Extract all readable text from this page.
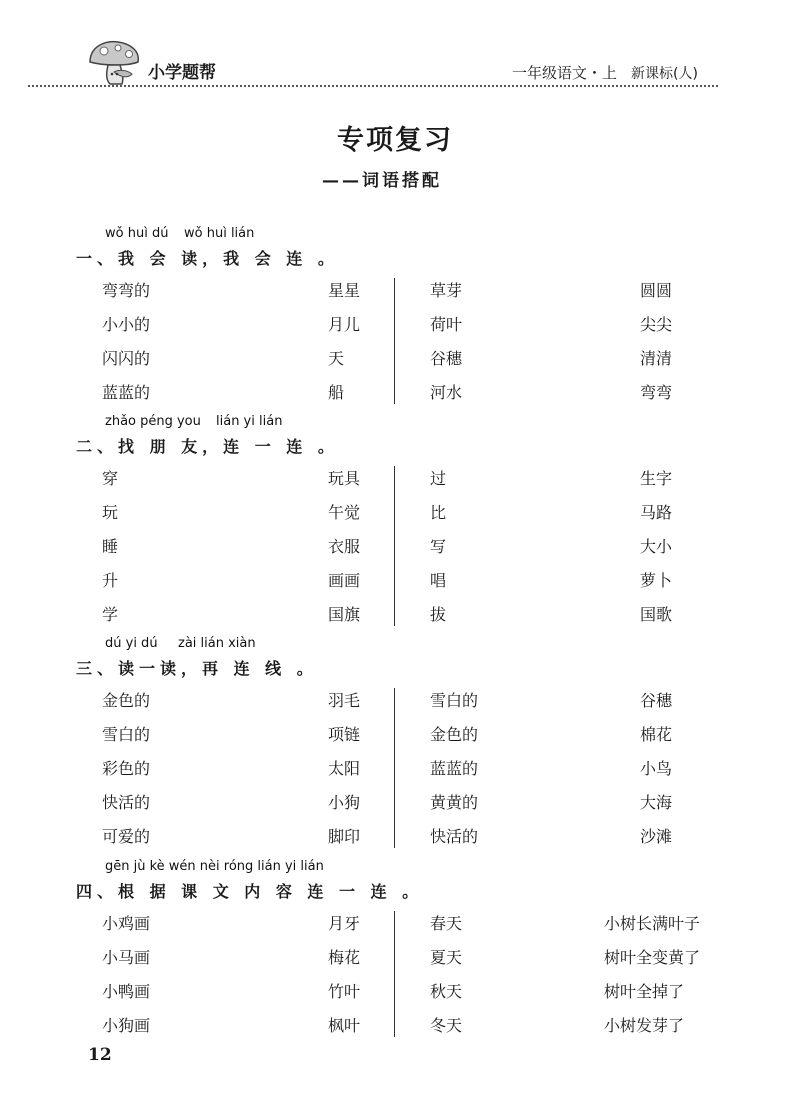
小学题帮	一年级语文・上 新课标(人)
专项复习
——词语搭配
wǒ huì dú wǒ huì lián
一、我 会 读，我 会 连 。
弯弯的	星星	草芽	圆圆
小小的	月儿	荷叶	尖尖
闪闪的	天	谷穗	清清
蓝蓝的	船	河水	弯弯
zhǎo péng you lián yi lián
二、找 朋 友，连 一 连 。
穿	玩具	过	生字
玩	午觉	比	马路
睡	衣服	写	大小
升	画画	唱	萝卜
学	国旗	拔	国歌
dú yi dú zài lián xiàn
三、读一读，再 连 线 。
金色的	羽毛	雪白的	谷穗
雪白的	项链	金色的	棉花
彩色的	太阳	蓝蓝的	小鸟
快活的	小狗	黄黄的	大海
可爱的	脚印	快活的	沙滩
gēn jù kè wén nèi róng lián yi lián
四、根 据 课 文 内 容 连 一 连 。
小鸡画	月牙	春天	小树长满叶子
小马画	梅花	夏天	树叶全变黄了
小鸭画	竹叶	秋天	树叶全掉了
小狗画	枫叶	冬天	小树发芽了
12
